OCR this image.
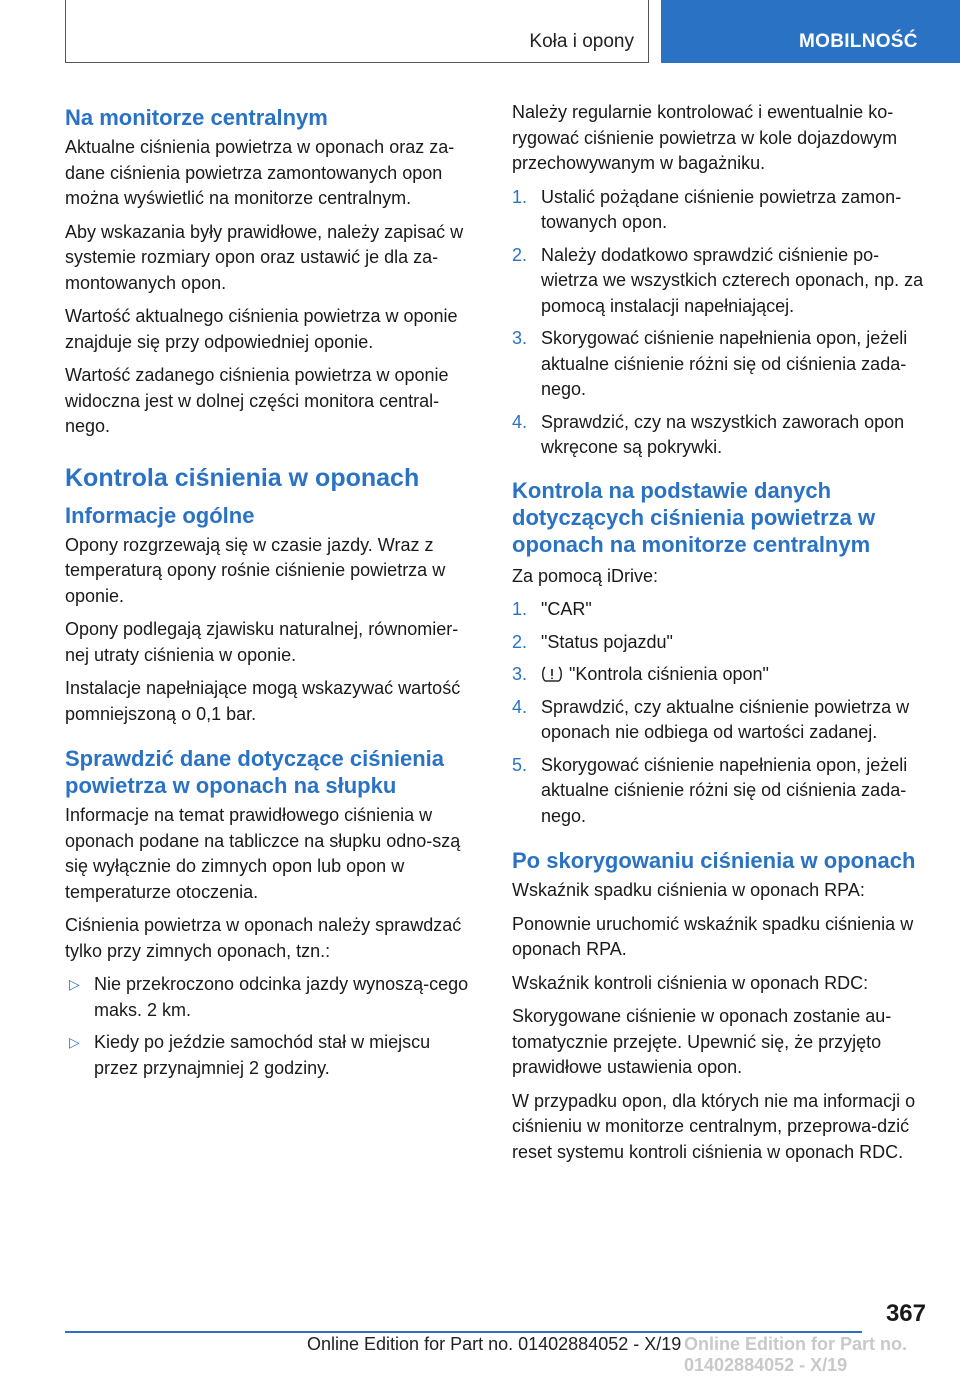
Koła i opony	MOBILNOŚĆ
Na monitorze centralnym

Aktualne ciśnienia powietrza w oponach oraz za-dane ciśnienia powietrza zamontowanych opon można wyświetlić na monitorze centralnym.

Aby wskazania były prawidłowe, należy zapisać w systemie rozmiary opon oraz ustawić je dla za-montowanych opon.

Wartość aktualnego ciśnienia powietrza w oponie znajduje się przy odpowiedniej oponie.

Wartość zadanego ciśnienia powietrza w oponie widoczna jest w dolnej części monitora central-nego.

Kontrola ciśnienia w oponach
Informacje ogólne

Opony rozgrzewają się w czasie jazdy. Wraz z temperaturą opony rośnie ciśnienie powietrza w oponie.

Opony podlegają zjawisku naturalnej, równomier-nej utraty ciśnienia w oponie.

Instalacje napełniające mogą wskazywać wartość pomniejszoną o 0,1 bar.

Sprawdzić dane dotyczące ciśnienia powietrza w oponach na słupku

Informacje na temat prawidłowego ciśnienia w oponach podane na tabliczce na słupku odno-szą się wyłącznie do zimnych opon lub opon w temperaturze otoczenia.

Ciśnienia powietrza w oponach należy sprawdzać tylko przy zimnych oponach, tzn.:

▷ Nie przekroczono odcinka jazdy wynoszą-cego maks. 2 km.
▷ Kiedy po jeździe samochód stał w miejscu przez przynajmniej 2 godziny.

Należy regularnie kontrolować i ewentualnie ko-rygować ciśnienie powietrza w kole dojazdowym przechowywanym w bagażniku.

1. Ustalić pożądane ciśnienie powietrza zamon-towanych opon.
2. Należy dodatkowo sprawdzić ciśnienie po-wietrza we wszystkich czterech oponach, np. za pomocą instalacji napełniającej.
3. Skorygować ciśnienie napełnienia opon, jeżeli aktualne ciśnienie różni się od ciśnienia zada-nego.
4. Sprawdzić, czy na wszystkich zaworach opon wkręcone są pokrywki.
Kontrola na podstawie danych dotyczących ciśnienia powietrza w oponach na monitorze centralnym

Za pomocą iDrive:

1. "CAR"
2. "Status pojazdu"
3. "Kontrola ciśnienia opon"
4. Sprawdzić, czy aktualne ciśnienie powietrza w oponach nie odbiega od wartości zadanej.
5. Skorygować ciśnienie napełnienia opon, jeżeli aktualne ciśnienie różni się od ciśnienia zada-nego.
Po skorygowaniu ciśnienia w oponach

Wskaźnik spadku ciśnienia w oponach RPA:

Ponownie uruchomić wskaźnik spadku ciśnienia w oponach RPA.

Wskaźnik kontroli ciśnienia w oponach RDC:

Skorygowane ciśnienie w oponach zostanie au-tomatycznie przejęte. Upewnić się, że przyjęto prawidłowe ustawienia opon.

W przypadku opon, dla których nie ma informacji o ciśnieniu w monitorze centralnym, przeprowa-dzić reset systemu kontroli ciśnienia w oponach RDC.

367
Online Edition for Part no. 01402884052 - X/19 Online Edition for Part no. 01402884052 - X/19
